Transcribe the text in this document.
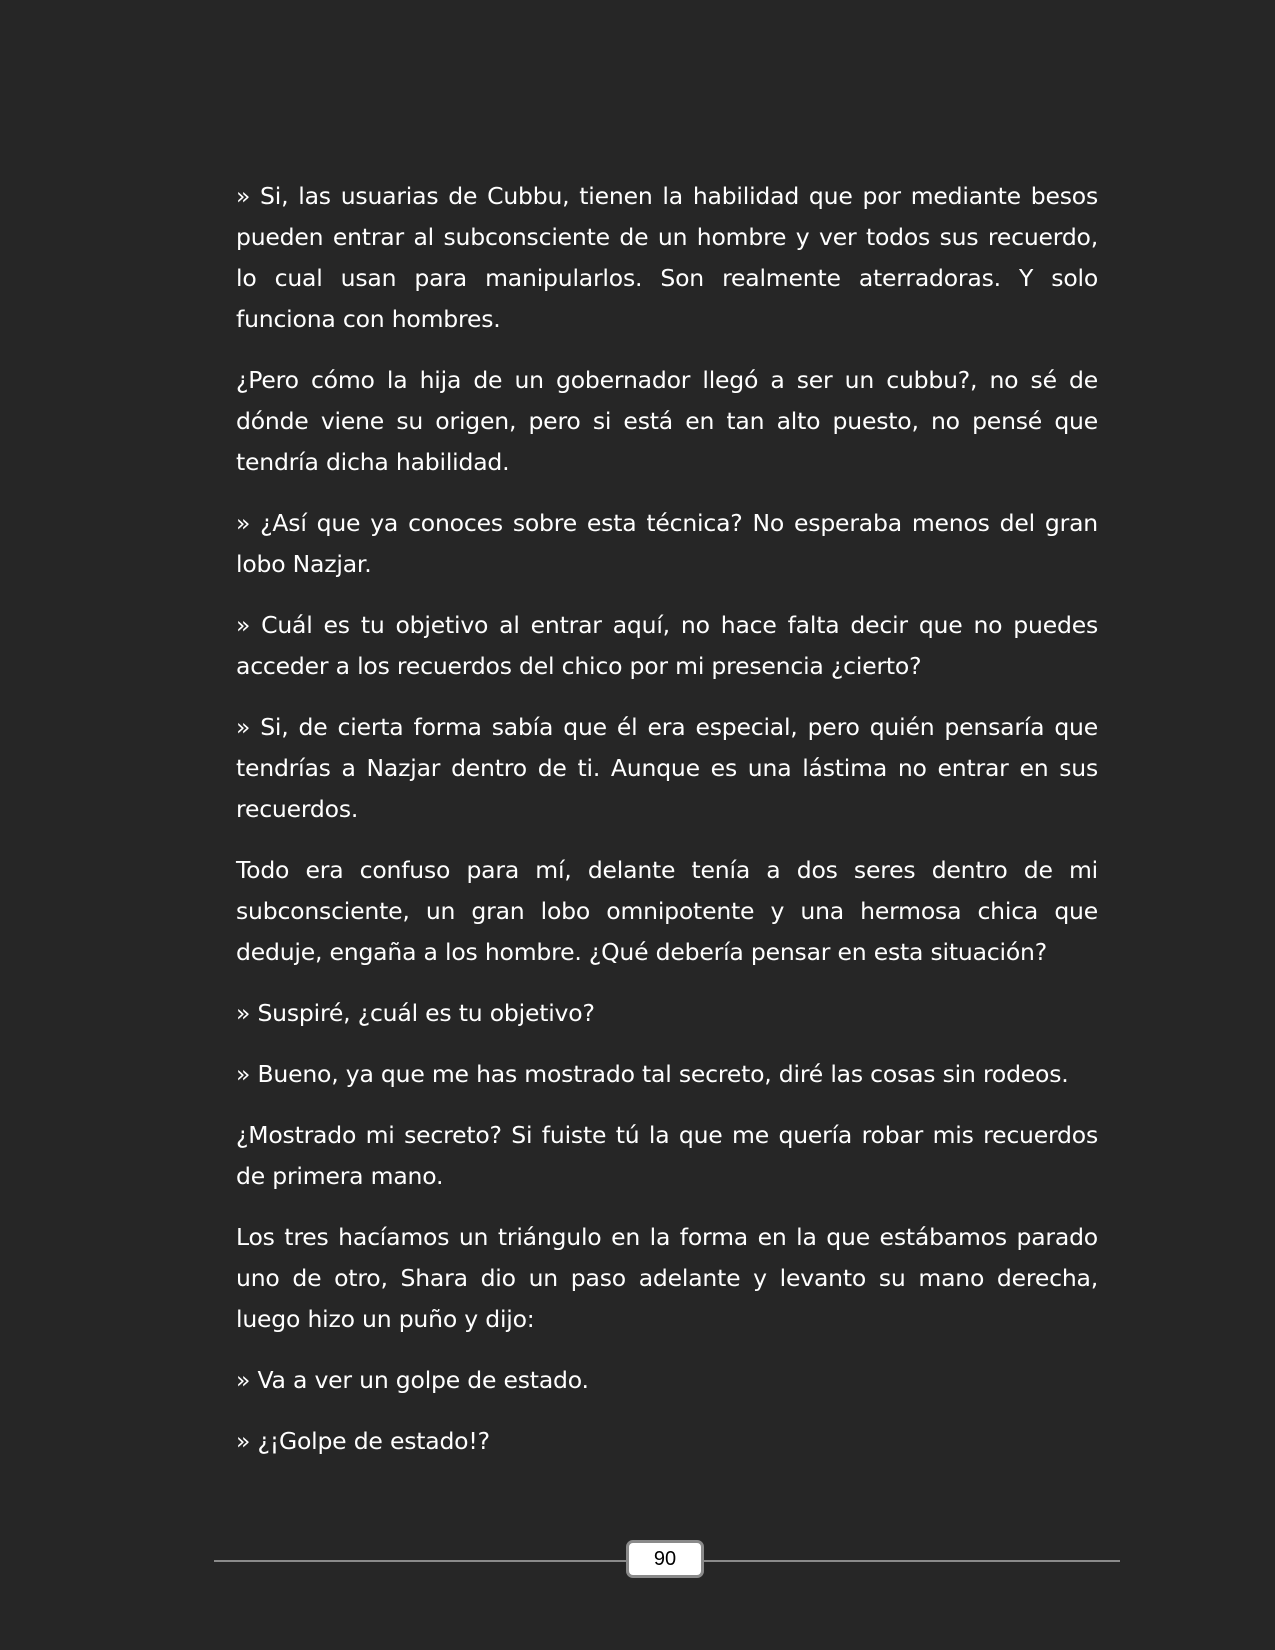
» Si, las usuarias de Cubbu, tienen la habilidad que por mediante besos pueden entrar al subconsciente de un hombre y ver todos sus recuerdo, lo cual usan para manipularlos. Son realmente aterradoras. Y solo funciona con hombres.

¿Pero cómo la hija de un gobernador llegó a ser un cubbu?, no sé de dónde viene su origen, pero si está en tan alto puesto, no pensé que tendría dicha habilidad.

» ¿Así que ya conoces sobre esta técnica? No esperaba menos del gran lobo Nazjar.

» Cuál es tu objetivo al entrar aquí, no hace falta decir que no puedes acceder a los recuerdos del chico por mi presencia ¿cierto?

» Si, de cierta forma sabía que él era especial, pero quién pensaría que tendrías a Nazjar dentro de ti. Aunque es una lástima no entrar en sus recuerdos.

Todo era confuso para mí, delante tenía a dos seres dentro de mi subconsciente, un gran lobo omnipotente y una hermosa chica que deduje, engaña a los hombre. ¿Qué debería pensar en esta situación?

» Suspiré, ¿cuál es tu objetivo?

» Bueno, ya que me has mostrado tal secreto, diré las cosas sin rodeos.

¿Mostrado mi secreto? Si fuiste tú la que me quería robar mis recuerdos de primera mano.

Los tres hacíamos un triángulo en la forma en la que estábamos parado uno de otro, Shara dio un paso adelante y levanto su mano derecha, luego hizo un puño y dijo:

» Va a ver un golpe de estado.

» ¿¡Golpe de estado!?

90
